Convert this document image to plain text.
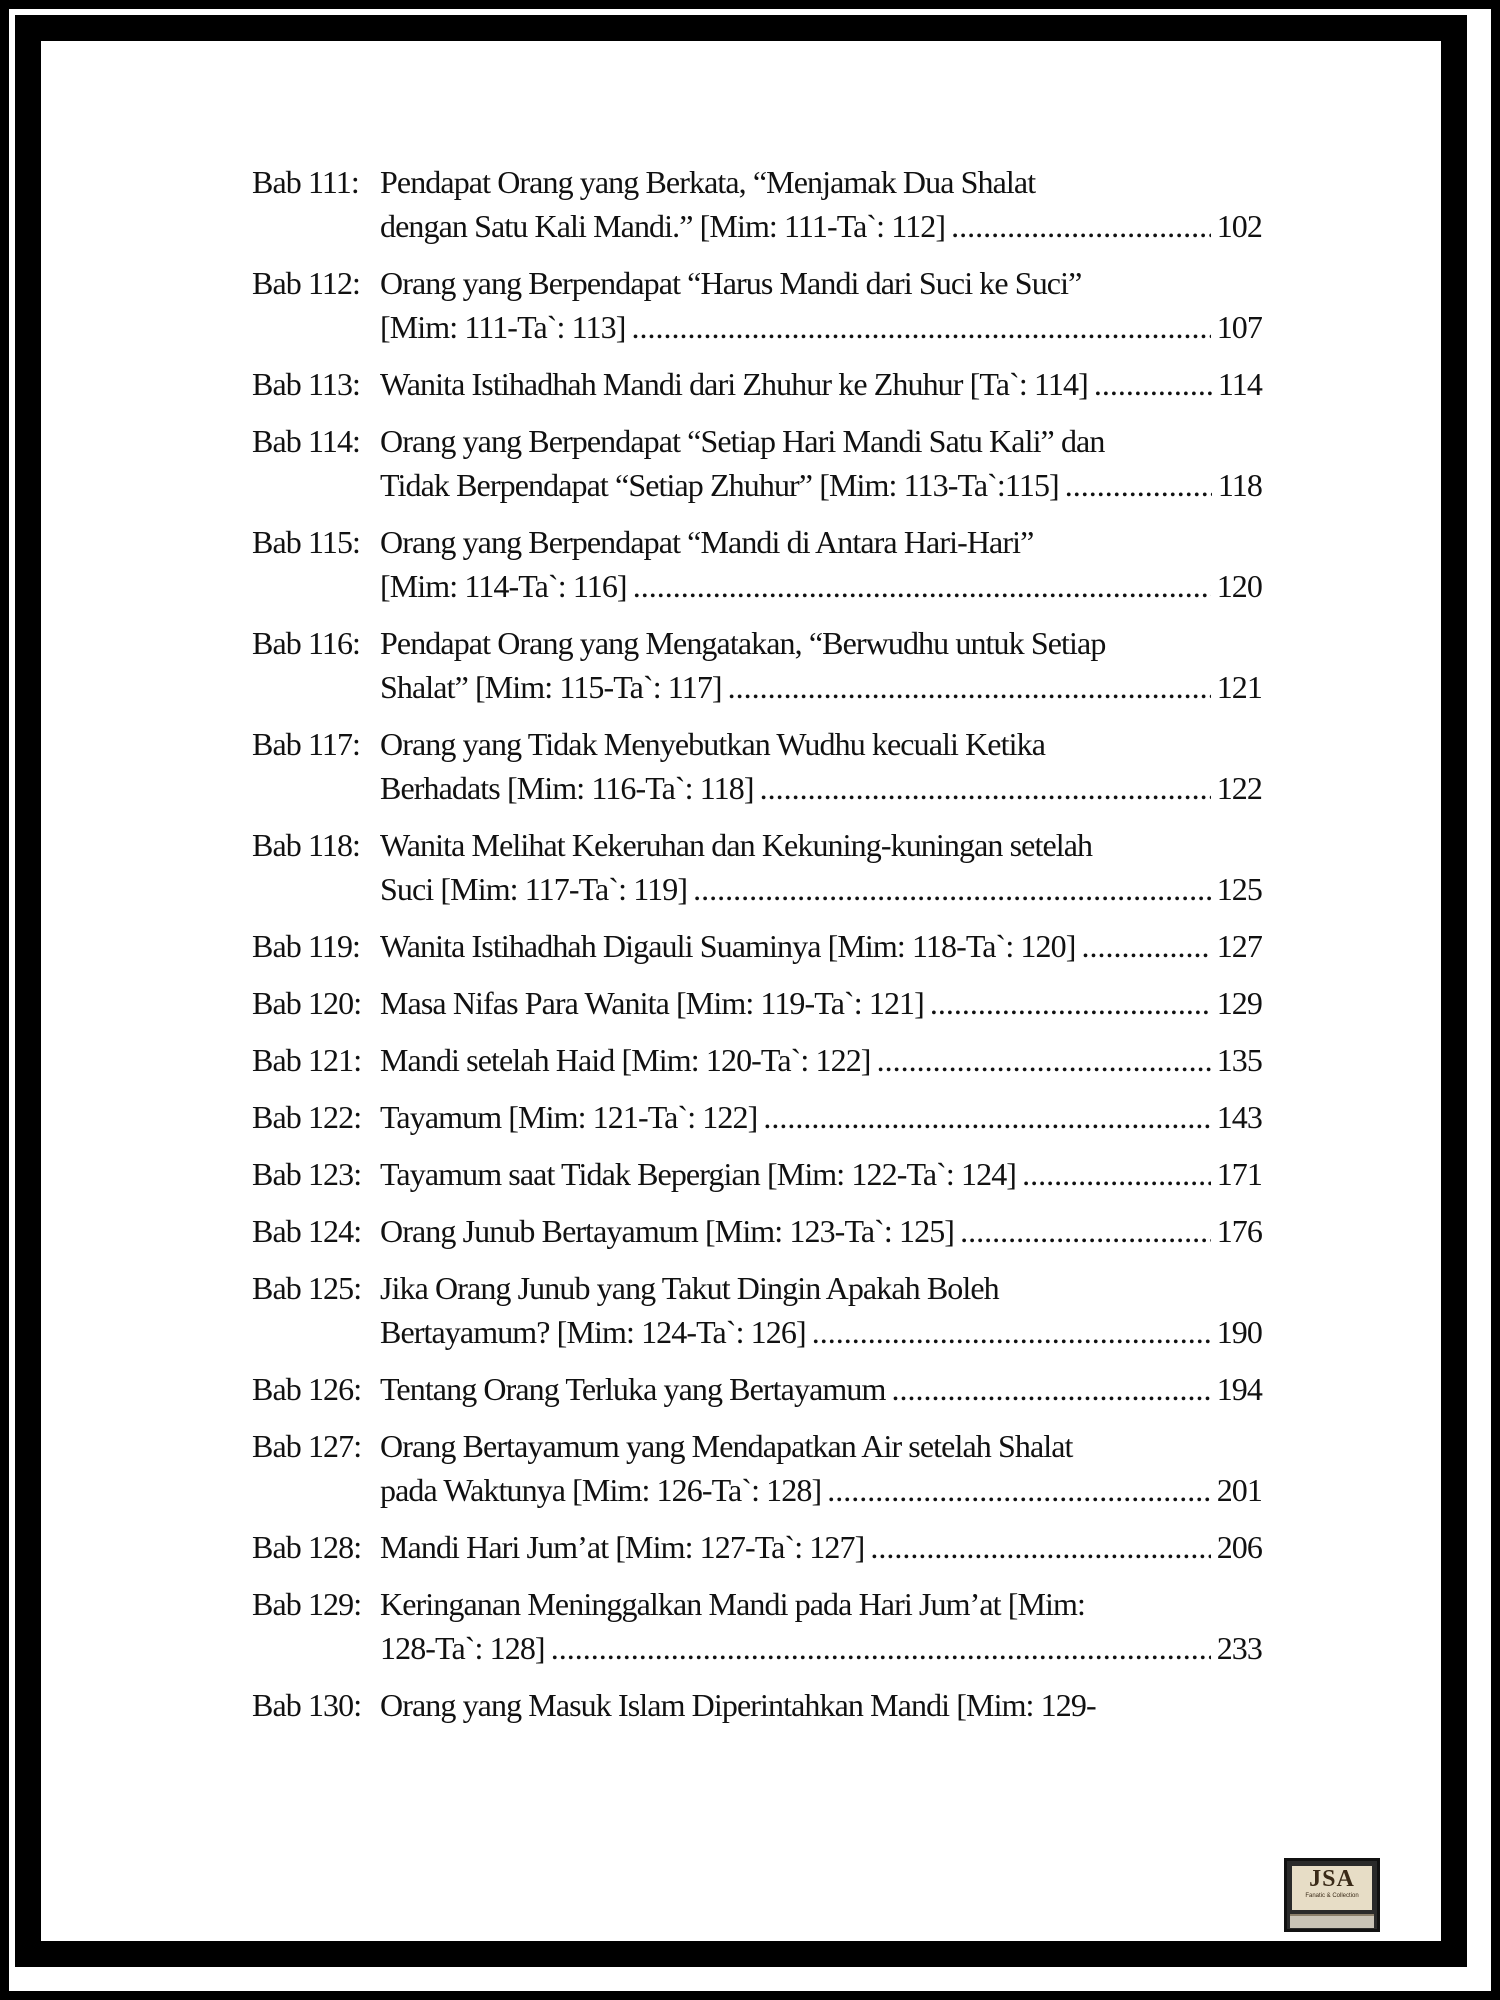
Bab 111: Pendapat Orang yang Berkata, “Menjamak Dua Shalat
dengan Satu Kali Mandi.” [Mim: 111-Ta`: 112] .....	102
Bab 112: Orang yang Berpendapat “Harus Mandi dari Suci ke Suci”
[Mim: 111-Ta`: 113] .....	107
Bab 113: Wanita Istihadhah Mandi dari Zhuhur ke Zhuhur [Ta`: 114] .....	114
Bab 114: Orang yang Berpendapat “Setiap Hari Mandi Satu Kali” dan
Tidak Berpendapat “Setiap Zhuhur” [Mim: 113-Ta`:115] .....	118
Bab 115: Orang yang Berpendapat “Mandi di Antara Hari-Hari”
[Mim: 114-Ta`: 116] .....	120
Bab 116: Pendapat Orang yang Mengatakan, “Berwudhu untuk Setiap
Shalat” [Mim: 115-Ta`: 117] .....	121
Bab 117: Orang yang Tidak Menyebutkan Wudhu kecuali Ketika
Berhadats [Mim: 116-Ta`: 118] .....	122
Bab 118: Wanita Melihat Kekeruhan dan Kekuning-kuningan setelah
Suci [Mim: 117-Ta`: 119] .....	125
Bab 119: Wanita Istihadhah Digauli Suaminya [Mim: 118-Ta`: 120] .....	127
Bab 120: Masa Nifas Para Wanita [Mim: 119-Ta`: 121] .....	129
Bab 121: Mandi setelah Haid [Mim: 120-Ta`: 122] .....	135
Bab 122: Tayamum [Mim: 121-Ta`: 122] .....	143
Bab 123: Tayamum saat Tidak Bepergian [Mim: 122-Ta`: 124] .....	171
Bab 124: Orang Junub Bertayamum [Mim: 123-Ta`: 125] .....	176
Bab 125: Jika Orang Junub yang Takut Dingin Apakah Boleh
Bertayamum? [Mim: 124-Ta`: 126] .....	190
Bab 126: Tentang Orang Terluka yang Bertayamum .....	194
Bab 127: Orang Bertayamum yang Mendapatkan Air setelah Shalat
pada Waktunya [Mim: 126-Ta`: 128] .....	201
Bab 128: Mandi Hari Jum’at [Mim: 127-Ta`: 127] .....	206
Bab 129: Keringanan Meninggalkan Mandi pada Hari Jum’at [Mim:
128-Ta`: 128] .....	233
Bab 130: Orang yang Masuk Islam Diperintahkan Mandi [Mim: 129-
JSA
Fanatic & Collection
